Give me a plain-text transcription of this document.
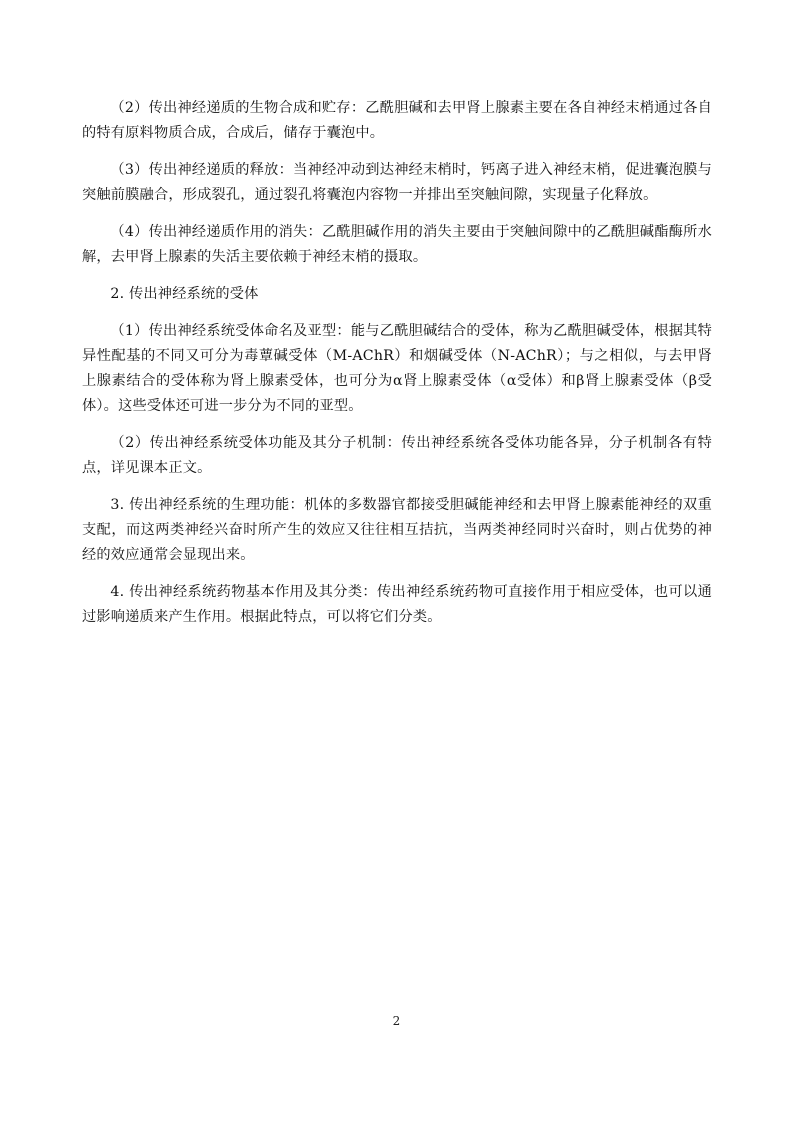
（2）传出神经递质的生物合成和贮存：乙酰胆碱和去甲肾上腺素主要在各自神经末梢通过各自的特有原料物质合成，合成后，储存于囊泡中。

（3）传出神经递质的释放：当神经冲动到达神经末梢时，钙离子进入神经末梢，促进囊泡膜与突触前膜融合，形成裂孔，通过裂孔将囊泡内容物一并排出至突触间隙，实现量子化释放。

（4）传出神经递质作用的消失：乙酰胆碱作用的消失主要由于突触间隙中的乙酰胆碱酯酶所水解，去甲肾上腺素的失活主要依赖于神经末梢的摄取。

2. 传出神经系统的受体

（1）传出神经系统受体命名及亚型：能与乙酰胆碱结合的受体，称为乙酰胆碱受体，根据其特异性配基的不同又可分为毒蕈碱受体（M-AChR）和烟碱受体（N-AChR）；与之相似，与去甲肾上腺素结合的受体称为肾上腺素受体，也可分为α肾上腺素受体（α受体）和β肾上腺素受体（β受体）。这些受体还可进一步分为不同的亚型。

（2）传出神经系统受体功能及其分子机制：传出神经系统各受体功能各异，分子机制各有特点，详见课本正文。

3. 传出神经系统的生理功能：机体的多数器官都接受胆碱能神经和去甲肾上腺素能神经的双重支配，而这两类神经兴奋时所产生的效应又往往相互拮抗，当两类神经同时兴奋时，则占优势的神经的效应通常会显现出来。

4. 传出神经系统药物基本作用及其分类：传出神经系统药物可直接作用于相应受体，也可以通过影响递质来产生作用。根据此特点，可以将它们分类。

2
